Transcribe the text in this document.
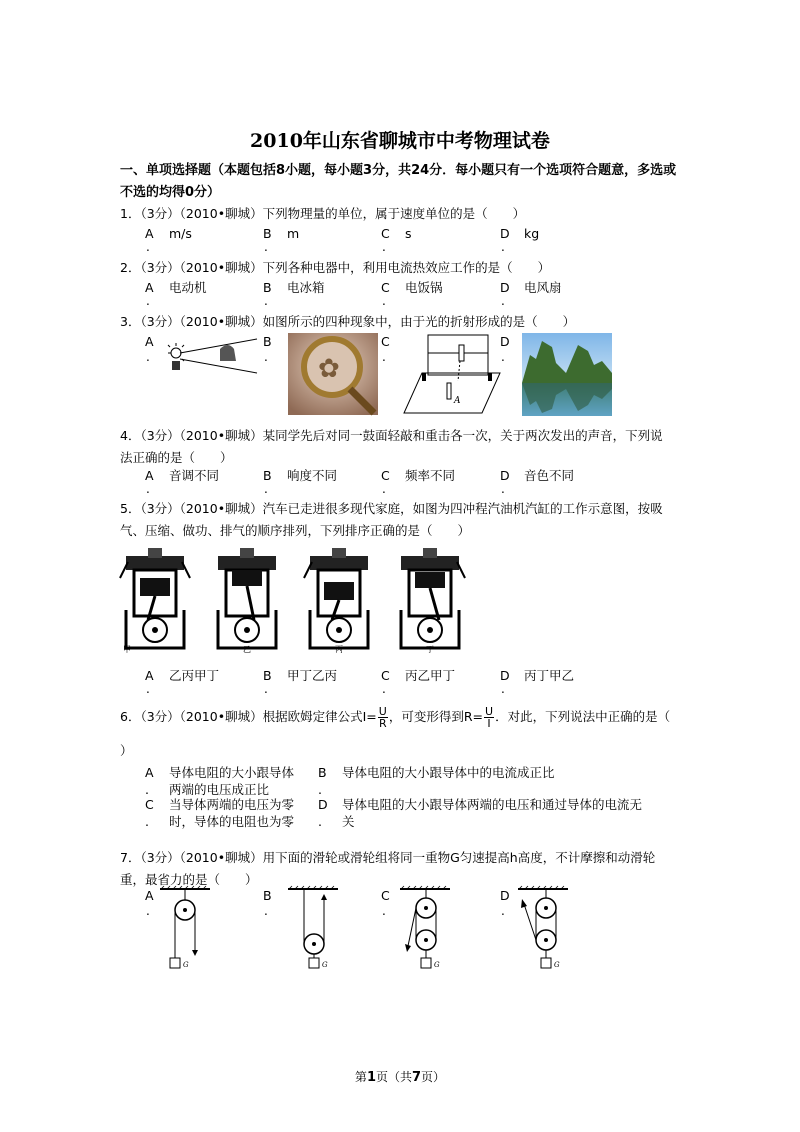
2010年山东省聊城市中考物理试卷
一、单项选择题（本题包括8小题，每小题3分，共24分．每小题只有一个选项符合题意，多选或
不选的均得0分）
1．（3分）（2010•聊城）下列物理量的单位，属于速度单位的是（　　）
A m/s	B m	C s	D kg
.	.	.	.
2．（3分）（2010•聊城）下列各种电器中，利用电流热效应工作的是（　　）
A 电动机	B 电冰箱	C 电饭锅	D 电风扇
.	.	.	.
3．（3分）（2010•聊城）如图所示的四种现象中，由于光的折射形成的是（　　）
A	B	C	D
.	.	.	.
✿
A
4．（3分）（2010•聊城）某同学先后对同一鼓面轻敲和重击各一次，关于两次发出的声音，下列说
法正确的是（　　）
A 音调不同	B 响度不同	C 频率不同	D 音色不同
.	.	.	.
5．（3分）（2010•聊城）汽车已走进很多现代家庭，如图为四冲程汽油机汽缸的工作示意图，按吸
气、压缩、做功、排气的顺序排列，下列排序正确的是（　　）
甲	乙	丙	丁
A 乙丙甲丁	B 甲丁乙丙	C 丙乙甲丁	D 丙丁甲乙
.	.	.	.
6．（3分）（2010•聊城）根据欧姆定律公式$I= \frac{U}{R}$ ，可变形得到$R= \frac{U}{I}$ ．对此，下列说法中正确的是（
）
A 导体电阻的大小跟导体
. 两端的电压成正比
B 导体电阻的大小跟导体中的电流成正比
.
C 当导体两端的电压为零
. 时，导体的电阻也为零
D 导体电阻的大小跟导体两端的电压和通过导体的电流无
. 关
7．（3分）（2010•聊城）用下面的滑轮或滑轮组将同一重物G匀速提高h高度，不计摩擦和动滑轮
重，最省力的是（　　）
A	B	C	D
.	.	.	.
G	G	G	G
第1页（共7页）
